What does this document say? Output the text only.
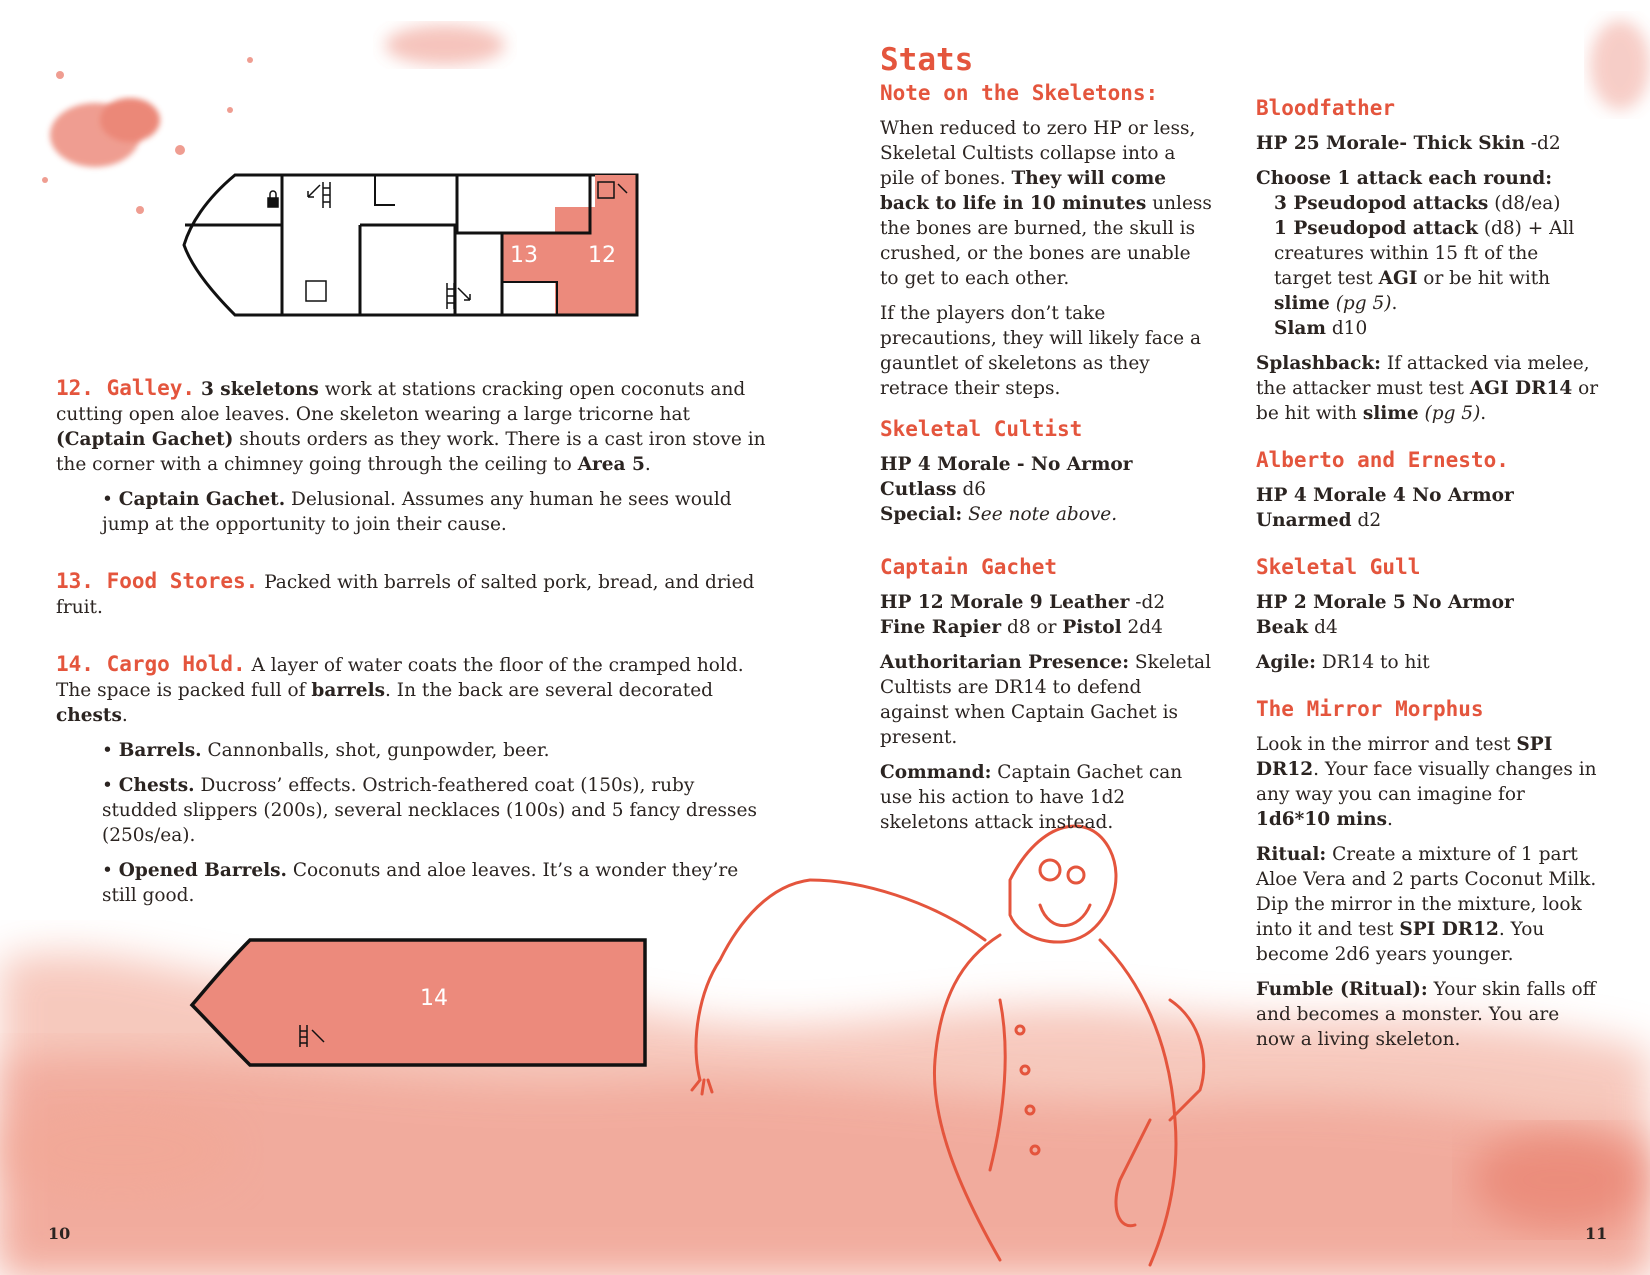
13 12
14

12. Galley. 3 skeletons work at stations cracking open coconuts and cutting open aloe leaves. One skeleton wearing a large tricorne hat (Captain Gachet) shouts orders as they work. There is a cast iron stove in the corner with a chimney going through the ceiling to Area 5.

• Captain Gachet. Delusional. Assumes any human he sees would jump at the opportunity to join their cause.

13. Food Stores. Packed with barrels of salted pork, bread, and dried fruit.

14. Cargo Hold. A layer of water coats the floor of the cramped hold. The space is packed full of barrels. In the back are several decorated chests.

• Barrels. Cannonballs, shot, gunpowder, beer.

• Chests. Ducross’ effects. Ostrich-feathered coat (150s), ruby studded slippers (200s), several necklaces (100s) and 5 fancy dresses (250s/ea).

• Opened Barrels. Coconuts and aloe leaves. It’s a wonder they’re still good.

Stats
Note on the Skeletons:

When reduced to zero HP or less, Skeletal Cultists collapse into a pile of bones. They will come back to life in 10 minutes unless the bones are burned, the skull is crushed, or the bones are unable to get to each other.

If the players don’t take precautions, they will likely face a gauntlet of skeletons as they retrace their steps.

Skeletal Cultist

HP 4 Morale - No Armor
Cutlass d6
Special: See note above.

Captain Gachet

HP 12 Morale 9 Leather -d2
Fine Rapier d8 or Pistol 2d4

Authoritarian Presence: Skeletal Cultists are DR14 to defend against when Captain Gachet is present.

Command: Captain Gachet can use his action to have 1d2 skeletons attack instead.

Bloodfather

HP 25 Morale- Thick Skin -d2

Choose 1 attack each round:

3 Pseudopod attacks (d8/ea)
1 Pseudopod attack (d8) + All creatures within 15 ft of the target test AGI or be hit with slime (pg 5).
Slam d10

Splashback: If attacked via melee, the attacker must test AGI DR14 or be hit with slime (pg 5).

Alberto and Ernesto.

HP 4 Morale 4 No Armor
Unarmed d2

Skeletal Gull

HP 2 Morale 5 No Armor
Beak d4

Agile: DR14 to hit

The Mirror Morphus

Look in the mirror and test SPI DR12. Your face visually changes in any way you can imagine for 1d6*10 mins.

Ritual: Create a mixture of 1 part Aloe Vera and 2 parts Coconut Milk. Dip the mirror in the mixture, look into it and test SPI DR12. You become 2d6 years younger.

Fumble (Ritual): Your skin falls off and becomes a monster. You are now a living skeleton.

10	11
